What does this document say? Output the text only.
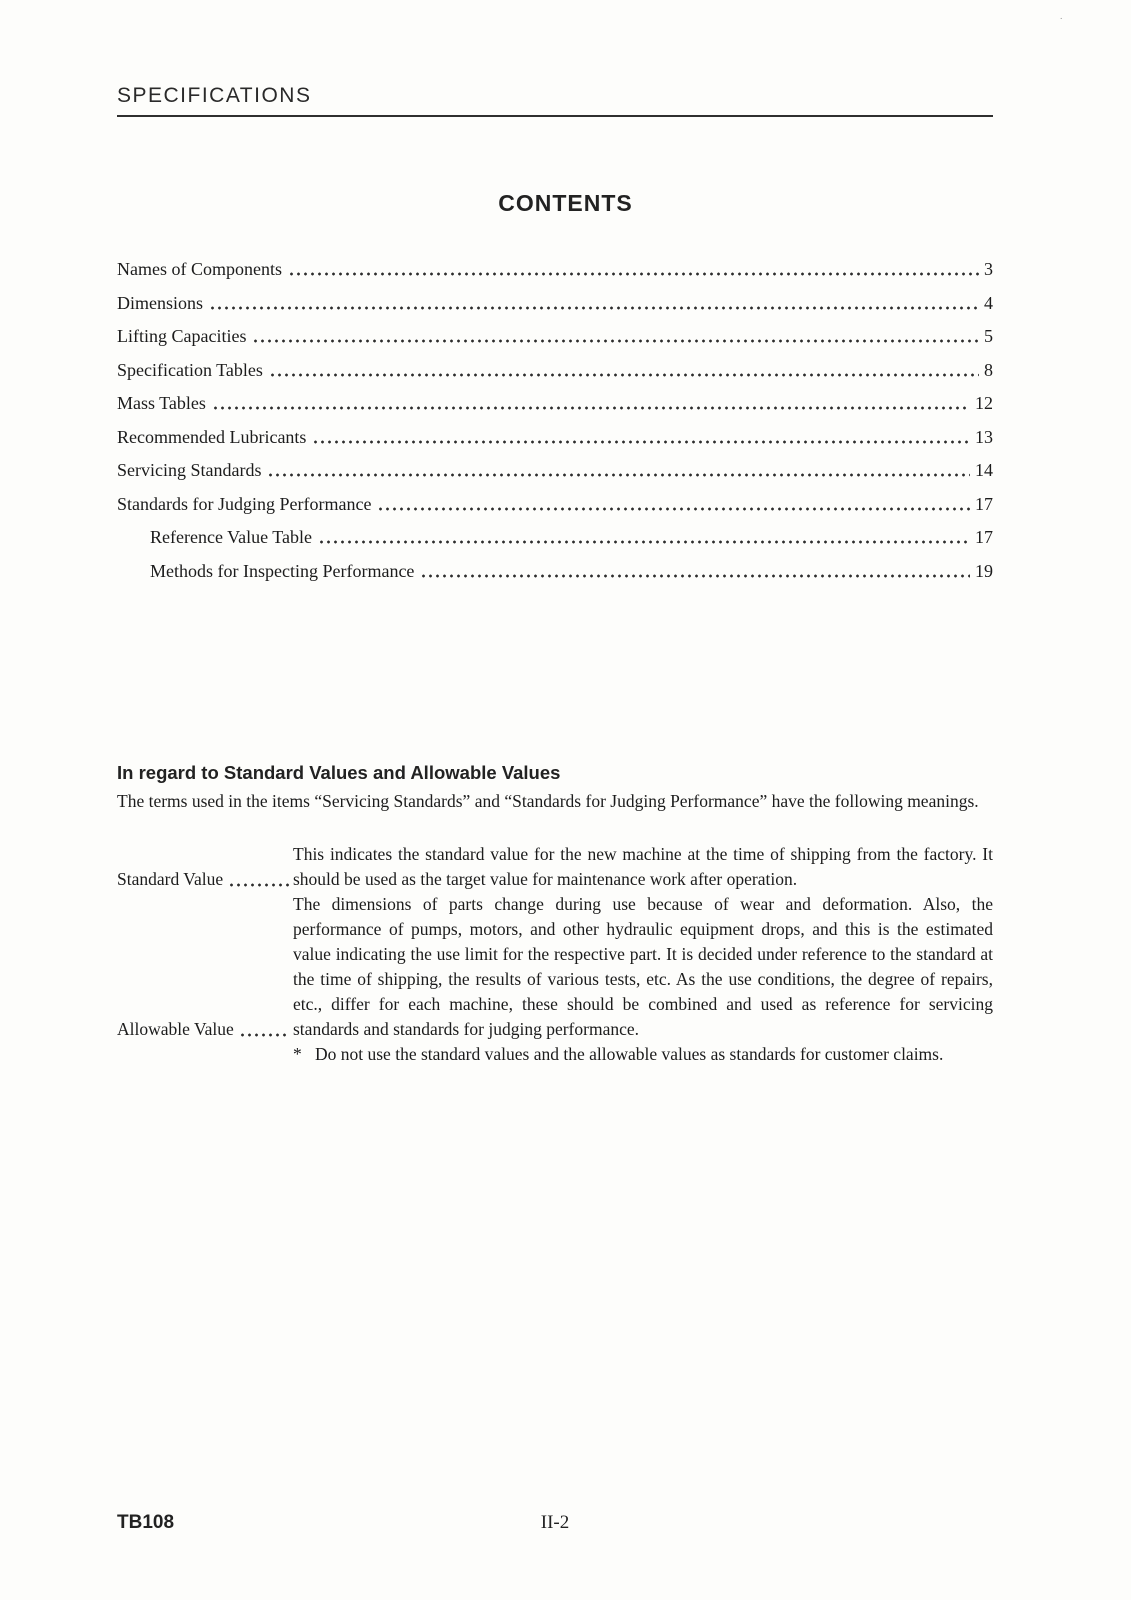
˙
SPECIFICATIONS
CONTENTS
Names of Components	3
Dimensions	4
Lifting Capacities	5
Specification Tables	8
Mass Tables	12
Recommended Lubricants	13
Servicing Standards	14
Standards for Judging Performance	17
Reference Value Table	17
Methods for Inspecting Performance	19
In regard to Standard Values and Allowable Values
The terms used in the items “Servicing Standards” and “Standards for Judging Performance” have the following meanings.
Standard Value
This indicates the standard value for the new machine at the time of shipping from the factory. It should be used as the target value for maintenance work after operation.
Allowable Value
The dimensions of parts change during use because of wear and deformation. Also, the performance of pumps, motors, and other hydraulic equipment drops, and this is the estimated value indicating the use limit for the respective part. It is decided under reference to the standard at the time of shipping, the results of various tests, etc. As the use conditions, the degree of repairs, etc., differ for each machine, these should be combined and used as reference for servicing standards and standards for judging performance.
* Do not use the standard values and the allowable values as standards for customer claims.
TB108	II-2
